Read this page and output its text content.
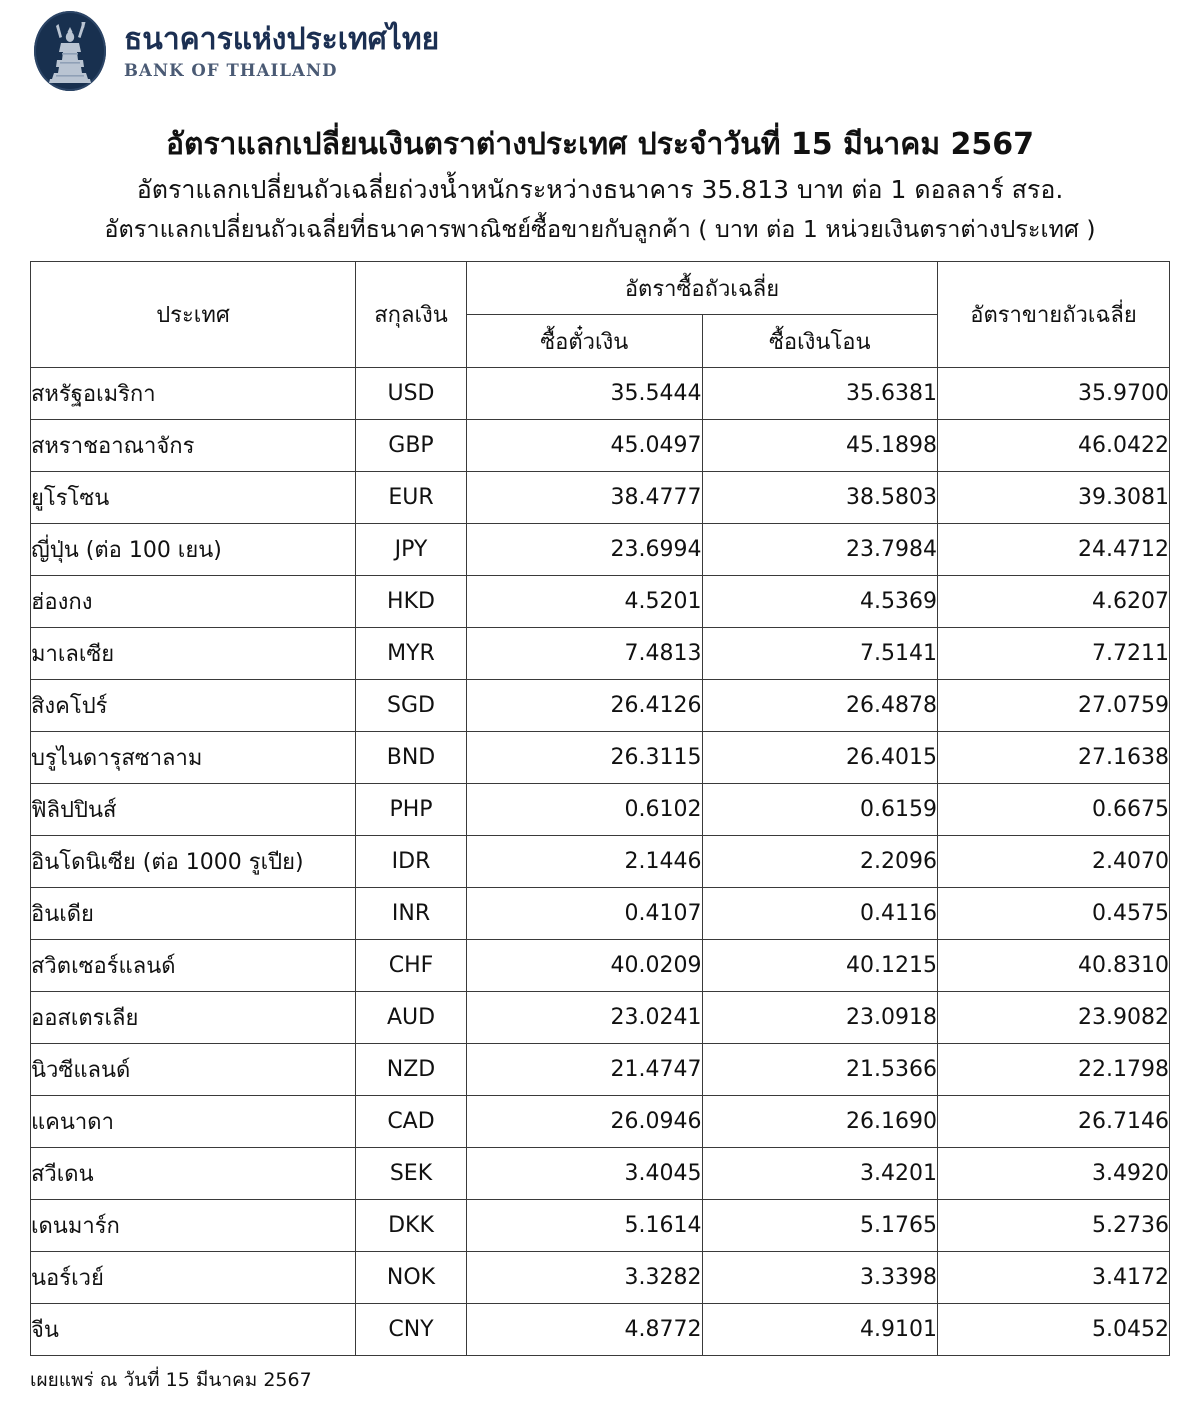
ธนาคารแห่งประเทศไทย
BANK OF THAILAND
อัตราแลกเปลี่ยนเงินตราต่างประเทศ ประจำวันที่ 15 มีนาคม 2567
อัตราแลกเปลี่ยนถัวเฉลี่ยถ่วงน้ำหนักระหว่างธนาคาร 35.813 บาท ต่อ 1 ดอลลาร์ สรอ.
อัตราแลกเปลี่ยนถัวเฉลี่ยที่ธนาคารพาณิชย์ซื้อขายกับลูกค้า ( บาท ต่อ 1 หน่วยเงินตราต่างประเทศ )
ประเทศ	สกุลเงิน	อัตราซื้อถัวเฉลี่ย		อัตราขายถัวเฉลี่ย
		ซื้อตั๋วเงิน	ซื้อเงินโอน	
สหรัฐอเมริกา	USD	35.5444	35.6381	35.9700
สหราชอาณาจักร	GBP	45.0497	45.1898	46.0422
ยูโรโซน	EUR	38.4777	38.5803	39.3081
ญี่ปุ่น (ต่อ 100 เยน)	JPY	23.6994	23.7984	24.4712
ฮ่องกง	HKD	4.5201	4.5369	4.6207
มาเลเซีย	MYR	7.4813	7.5141	7.7211
สิงคโปร์	SGD	26.4126	26.4878	27.0759
บรูไนดารุสซาลาม	BND	26.3115	26.4015	27.1638
ฟิลิปปินส์	PHP	0.6102	0.6159	0.6675
อินโดนิเซีย (ต่อ 1000 รูเปีย)	IDR	2.1446	2.2096	2.4070
อินเดีย	INR	0.4107	0.4116	0.4575
สวิตเซอร์แลนด์	CHF	40.0209	40.1215	40.8310
ออสเตรเลีย	AUD	23.0241	23.0918	23.9082
นิวซีแลนด์	NZD	21.4747	21.5366	22.1798
แคนาดา	CAD	26.0946	26.1690	26.7146
สวีเดน	SEK	3.4045	3.4201	3.4920
เดนมาร์ก	DKK	5.1614	5.1765	5.2736
นอร์เวย์	NOK	3.3282	3.3398	3.4172
จีน	CNY	4.8772	4.9101	5.0452
เผยแพร่ ณ วันที่ 15 มีนาคม 2567
